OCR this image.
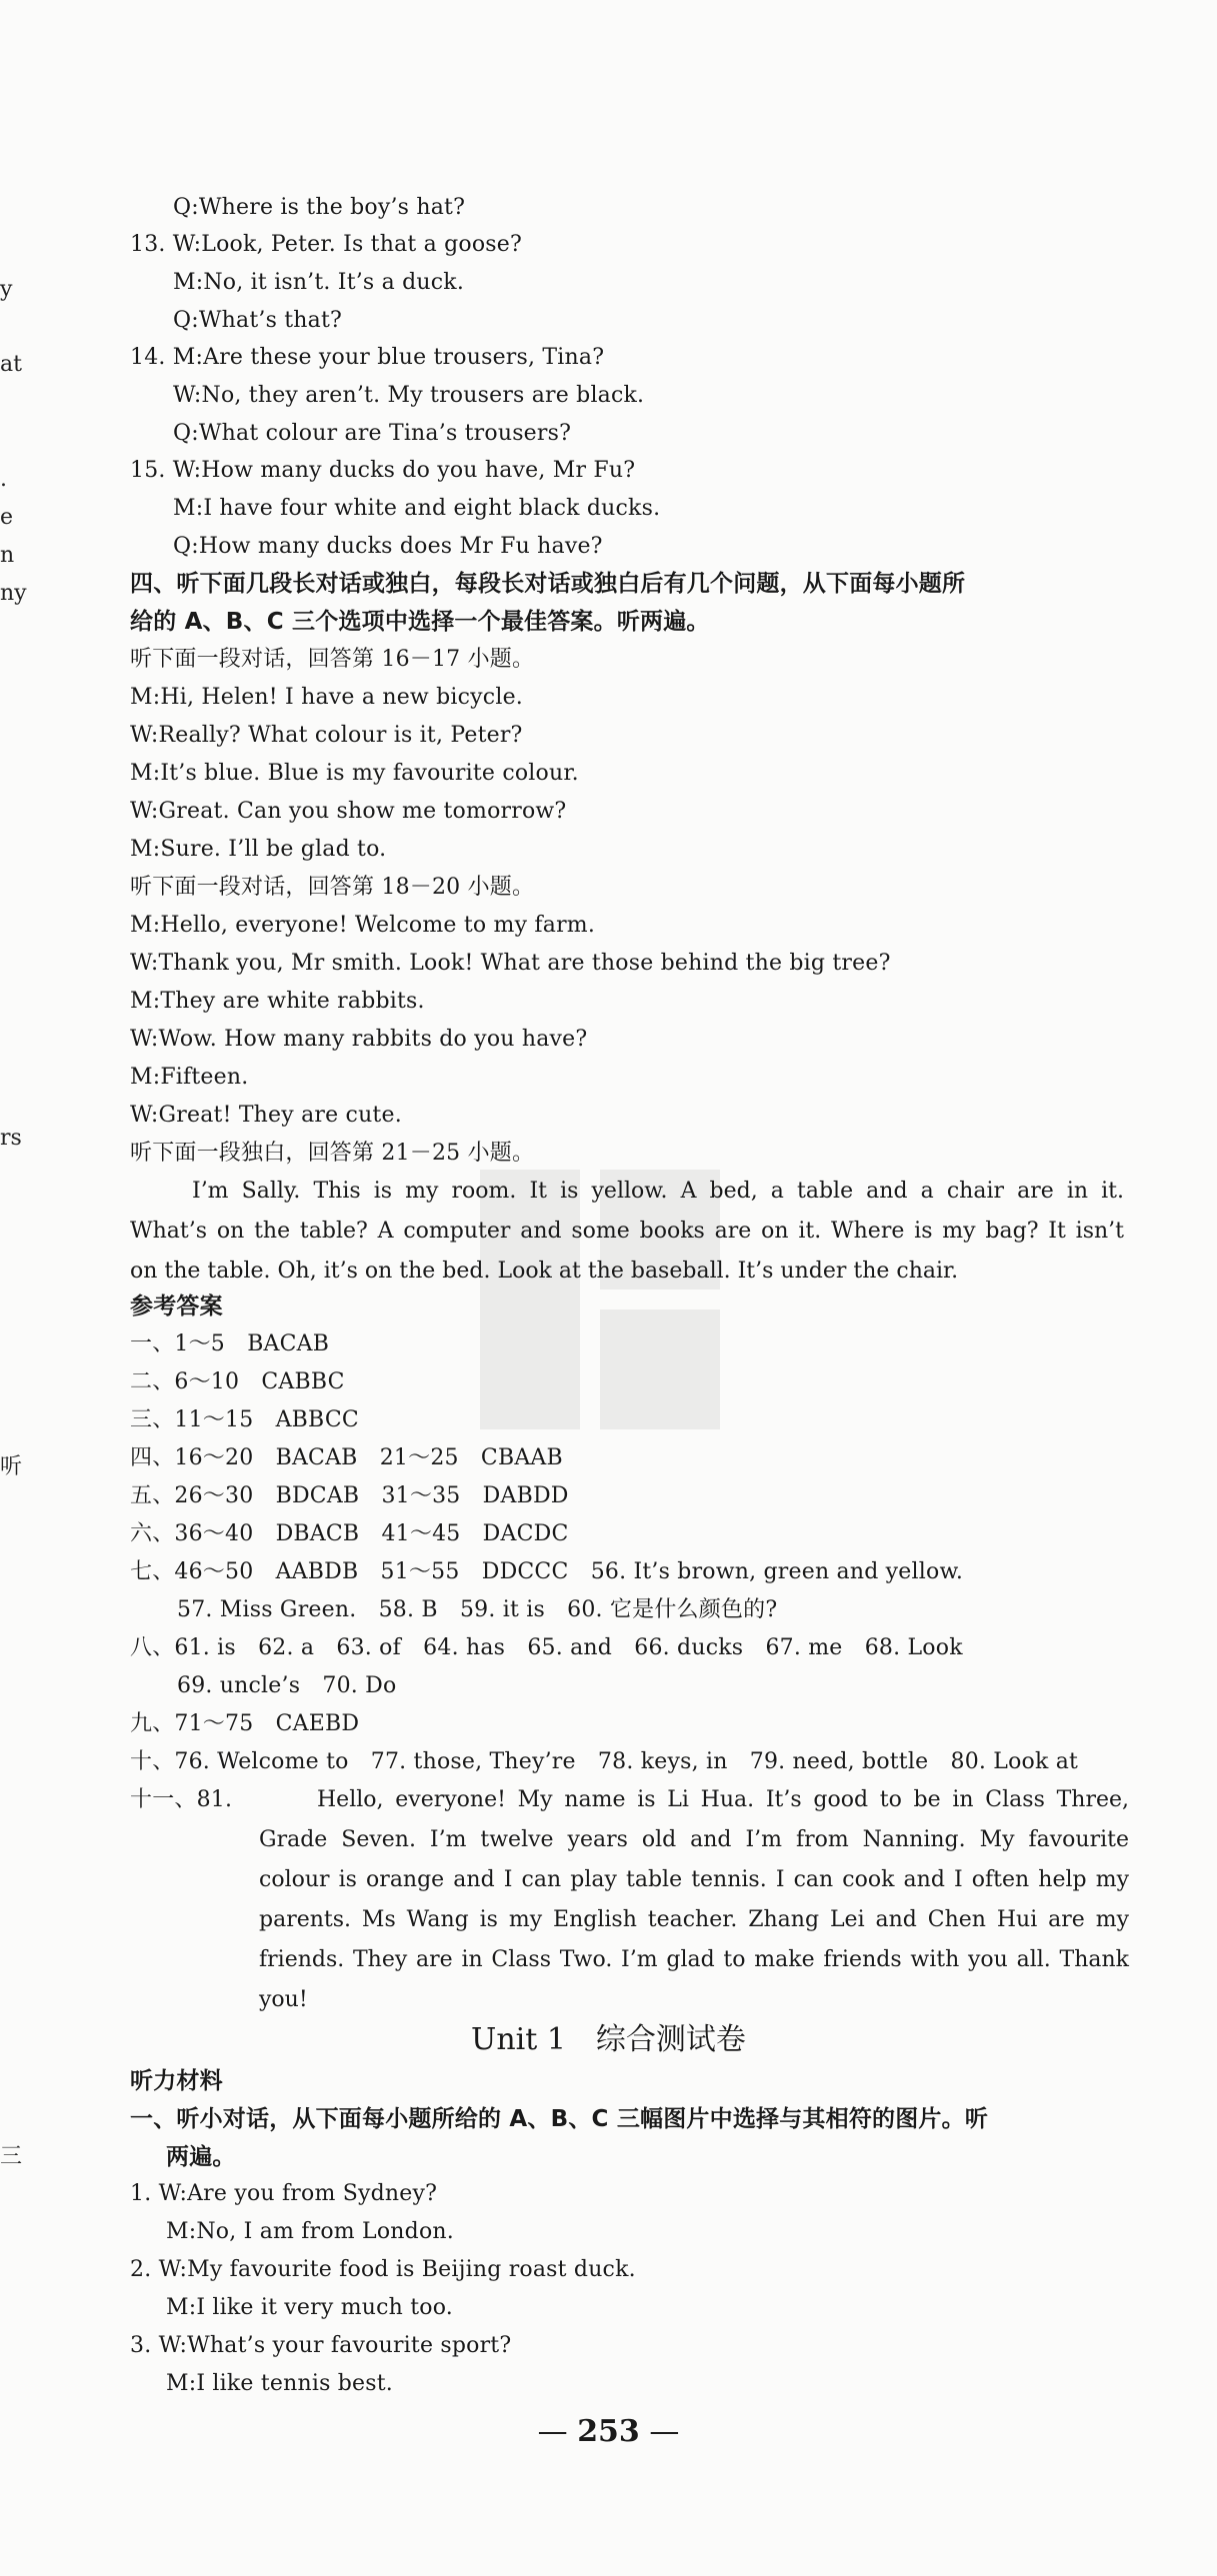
y
at
.
e
n
ny
rs
听
三
Q:Where is the boy’s hat?
13. W:Look, Peter. Is that a goose?
M:No, it isn’t. It’s a duck.
Q:What’s that?
14. M:Are these your blue trousers, Tina?
W:No, they aren’t. My trousers are black.
Q:What colour are Tina’s trousers?
15. W:How many ducks do you have, Mr Fu?
M:I have four white and eight black ducks.
Q:How many ducks does Mr Fu have?
四、听下面几段长对话或独白，每段长对话或独白后有几个问题，从下面每小题所
给的 A、B、C 三个选项中选择一个最佳答案。听两遍。
听下面一段对话，回答第 16－17 小题。
M:Hi, Helen! I have a new bicycle.
W:Really? What colour is it, Peter?
M:It’s blue. Blue is my favourite colour.
W:Great. Can you show me tomorrow?
M:Sure. I’ll be glad to.
听下面一段对话，回答第 18－20 小题。
M:Hello, everyone! Welcome to my farm.
W:Thank you, Mr smith. Look! What are those behind the big tree?
M:They are white rabbits.
W:Wow. How many rabbits do you have?
M:Fifteen.
W:Great! They are cute.
听下面一段独白，回答第 21－25 小题。
I’m Sally. This is my room. It is yellow. A bed, a table and a chair are in it.
What’s on the table? A computer and some books are on it. Where is my bag? It isn’t
on the table. Oh, it’s on the bed. Look at the baseball. It’s under the chair.
参考答案
一、1～5　BACAB
二、6～10　CABBC
三、11～15　ABBCC
四、16～20　BACAB　21～25　CBAAB
五、26～30　BDCAB　31～35　DABDD
六、36～40　DBACB　41～45　DACDC
七、46～50　AABDB　51～55　DDCCC　56. It’s brown, green and yellow.
57. Miss Green.　58. B　59. it is　60. 它是什么颜色的?
八、61. is　62. a　63. of　64. has　65. and　66. ducks　67. me　68. Look
69. uncle’s　70. Do
九、71～75　CAEBD
十、76. Welcome to　77. those, They’re　78. keys, in　79. need, bottle　80. Look at
十一、81.	Hello, everyone! My name is Li Hua. It’s good to be in Class Three,
Grade Seven. I’m twelve years old and I’m from Nanning. My favourite
colour is orange and I can play table tennis. I can cook and I often help my
parents. Ms Wang is my English teacher. Zhang Lei and Chen Hui are my
friends. They are in Class Two. I’m glad to make friends with you all. Thank
you!
Unit 1　综合测试卷
听力材料
一、听小对话，从下面每小题所给的 A、B、C 三幅图片中选择与其相符的图片。听
两遍。
1. W:Are you from Sydney?
M:No, I am from London.
2. W:My favourite food is Beijing roast duck.
M:I like it very much too.
3. W:What’s your favourite sport?
M:I like tennis best.
— 253 —
